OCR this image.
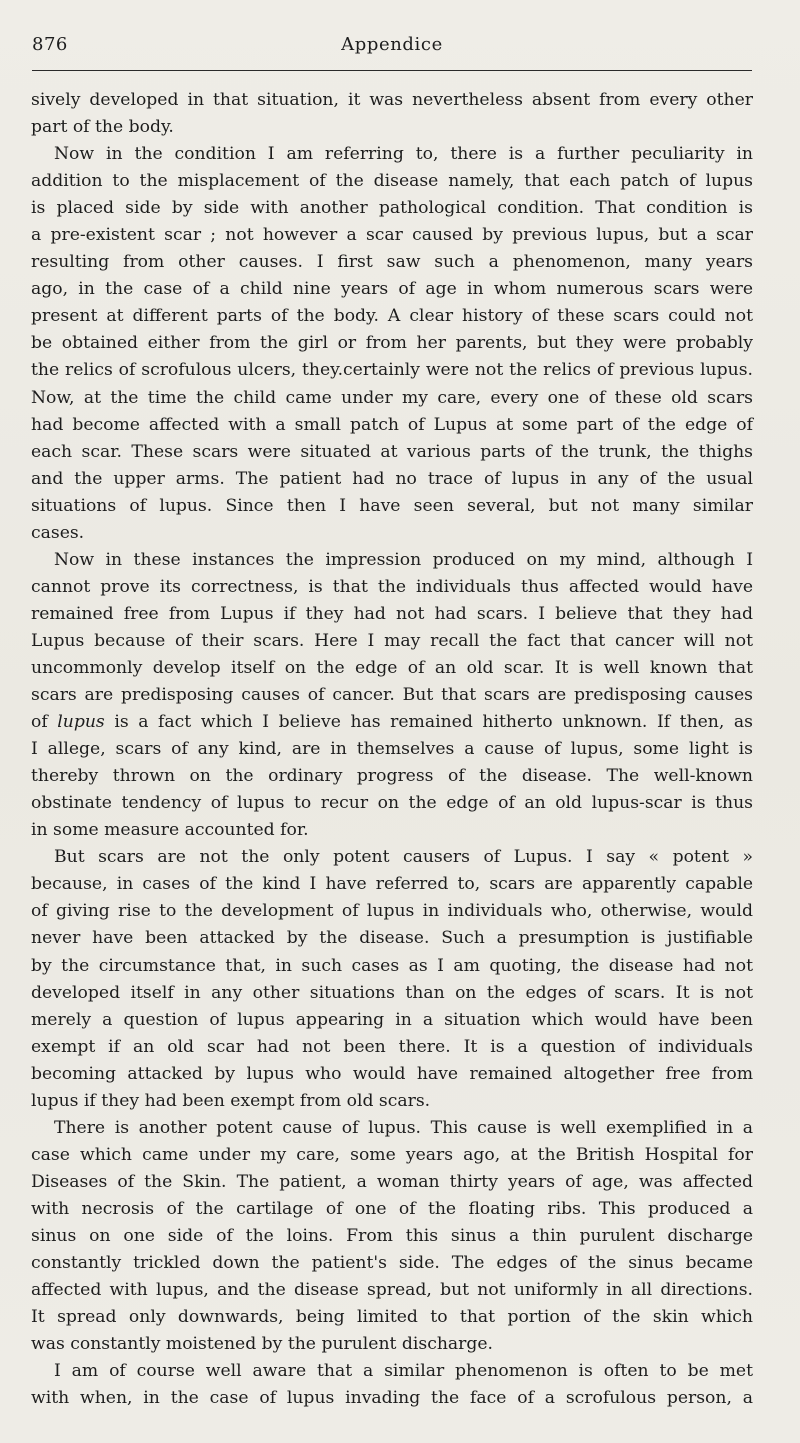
876	Appendice
sively developed in that situation, it was nevertheless absent from every other
part of the body.
Now in the condition I am referring to, there is a further peculiarity in
addition to the misplacement of the disease namely, that each patch of lupus
is placed side by side with another pathological condition. That condition is
a pre-existent scar ; not however a scar caused by previous lupus, but a scar
resulting from other causes. I first saw such a phenomenon, many years
ago, in the case of a child nine years of age in whom numerous scars were
present at different parts of the body. A clear history of these scars could not
be obtained either from the girl or from her parents, but they were probably
the relics of scrofulous ulcers, they.certainly were not the relics of previous lupus.
Now, at the time the child came under my care, every one of these old scars
had become affected with a small patch of Lupus at some part of the edge of
each scar. These scars were situated at various parts of the trunk, the thighs
and the upper arms. The patient had no trace of lupus in any of the usual
situations of lupus. Since then I have seen several, but not many similar
cases.
Now in these instances the impression produced on my mind, although I
cannot prove its correctness, is that the individuals thus affected would have
remained free from Lupus if they had not had scars. I believe that they had
Lupus because of their scars. Here I may recall the fact that cancer will not
uncommonly develop itself on the edge of an old scar. It is well known that
scars are predisposing causes of cancer. But that scars are predisposing causes
of lupus is a fact which I believe has remained hitherto unknown. If then, as
I allege, scars of any kind, are in themselves a cause of lupus, some light is
thereby thrown on the ordinary progress of the disease. The well-known
obstinate tendency of lupus to recur on the edge of an old lupus-scar is thus
in some measure accounted for.
But scars are not the only potent causers of Lupus. I say « potent »
because, in cases of the kind I have referred to, scars are apparently capable
of giving rise to the development of lupus in individuals who, otherwise, would
never have been attacked by the disease. Such a presumption is justifiable
by the circumstance that, in such cases as I am quoting, the disease had not
developed itself in any other situations than on the edges of scars. It is not
merely a question of lupus appearing in a situation which would have been
exempt if an old scar had not been there. It is a question of individuals
becoming attacked by lupus who would have remained altogether free from
lupus if they had been exempt from old scars.
There is another potent cause of lupus. This cause is well exemplified in a
case which came under my care, some years ago, at the British Hospital for
Diseases of the Skin. The patient, a woman thirty years of age, was affected
with necrosis of the cartilage of one of the floating ribs. This produced a
sinus on one side of the loins. From this sinus a thin purulent discharge
constantly trickled down the patient's side. The edges of the sinus became
affected with lupus, and the disease spread, but not uniformly in all directions.
It spread only downwards, being limited to that portion of the skin which
was constantly moistened by the purulent discharge.
I am of course well aware that a similar phenomenon is often to be met
with when, in the case of lupus invading the face of a scrofulous person, a
